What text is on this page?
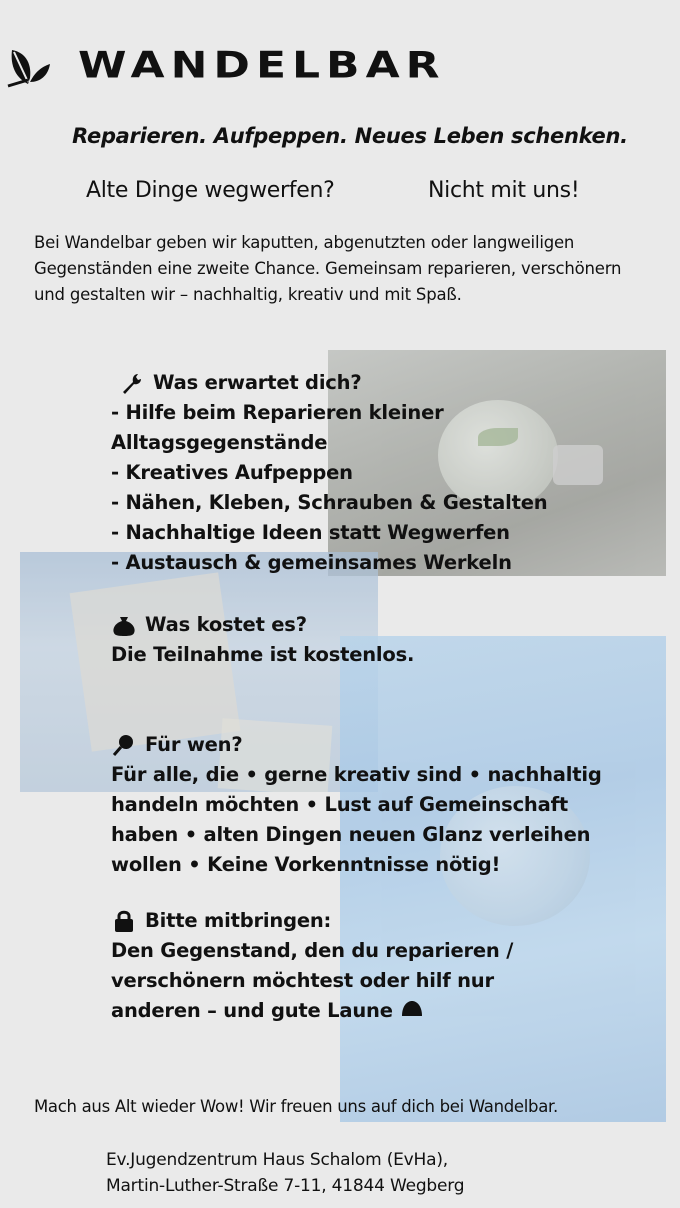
WANDELBAR
Reparieren. Aufpeppen. Neues Leben schenken.
Alte Dinge wegwerfen?	Nicht mit uns!
Bei Wandelbar geben wir kaputten, abgenutzten oder langweiligen Gegenständen eine zweite Chance. Gemeinsam reparieren, verschönern und gestalten wir – nachhaltig, kreativ und mit Spaß.
Was erwartet dich?
- Hilfe beim Reparieren kleiner
Alltagsgegenstände
- Kreatives Aufpeppen
- Nähen, Kleben, Schrauben & Gestalten
- Nachhaltige Ideen statt Wegwerfen
- Austausch & gemeinsames Werkeln
Was kostet es?
Die Teilnahme ist kostenlos.
Für wen?
Für alle, die • gerne kreativ sind • nachhaltig
handeln möchten • Lust auf Gemeinschaft
haben • alten Dingen neuen Glanz verleihen
wollen • Keine Vorkenntnisse nötig!
Bitte mitbringen:
Den Gegenstand, den du reparieren /
verschönern möchtest oder hilf nur
anderen – und gute Laune
Mach aus Alt wieder Wow! Wir freuen uns auf dich bei Wandelbar.
Ev.Jugendzentrum Haus Schalom (EvHa),
Martin-Luther-Straße 7-11, 41844 Wegberg
